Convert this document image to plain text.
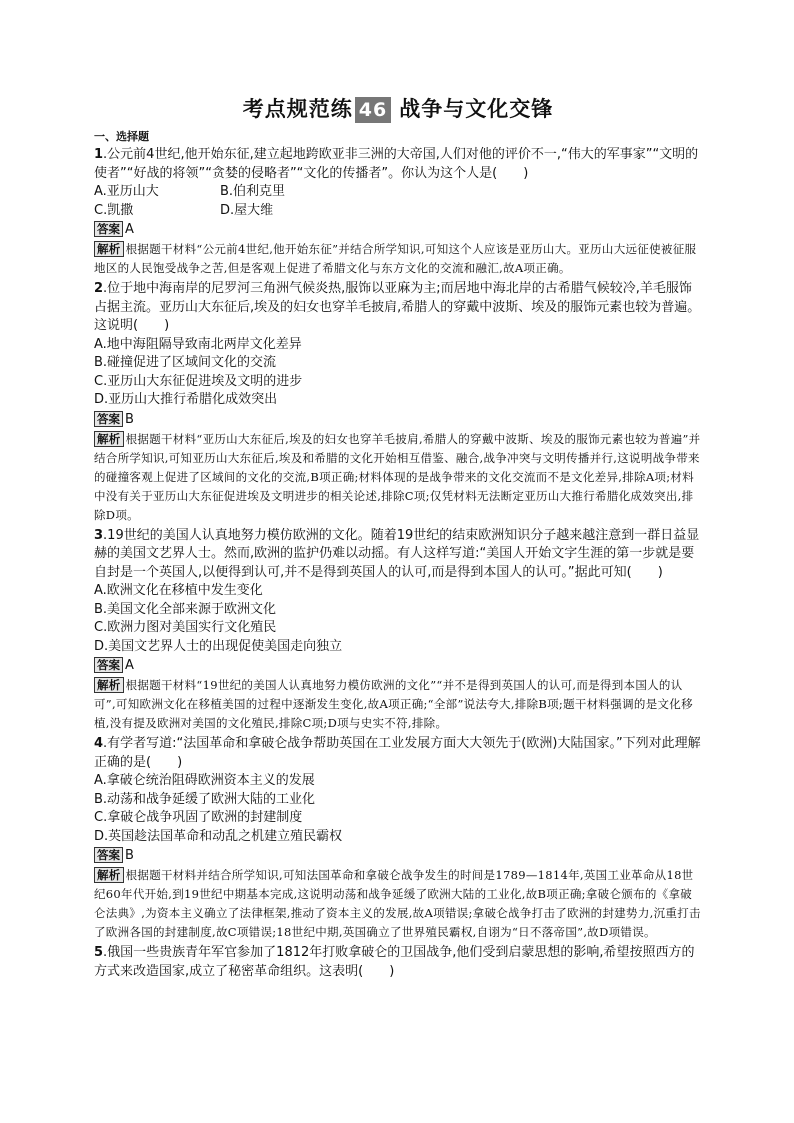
考点规范练 46 战争与文化交锋
一、选择题

1.公元前4世纪,他开始东征,建立起地跨欧亚非三洲的大帝国,人们对他的评价不一,“伟大的军事家”“文明的使者”“好战的将领”“贪婪的侵略者”“文化的传播者”。你认为这个人是(　　)

A.亚历山大	B.伯利克里
C.凯撒	D.屋大维
答案 A

解析 根据题干材料“公元前4世纪,他开始东征”并结合所学知识,可知这个人应该是亚历山大。亚历山大远征使被征服地区的人民饱受战争之苦,但是客观上促进了希腊文化与东方文化的交流和融汇,故A项正确。

2.位于地中海南岸的尼罗河三角洲气候炎热,服饰以亚麻为主;而居地中海北岸的古希腊气候较冷,羊毛服饰占据主流。亚历山大东征后,埃及的妇女也穿羊毛披肩,希腊人的穿戴中波斯、埃及的服饰元素也较为普遍。这说明(　　)

A.地中海阻隔导致南北两岸文化差异
B.碰撞促进了区域间文化的交流
C.亚历山大东征促进埃及文明的进步
D.亚历山大推行希腊化成效突出
答案 B

解析 根据题干材料“亚历山大东征后,埃及的妇女也穿羊毛披肩,希腊人的穿戴中波斯、埃及的服饰元素也较为普遍”并结合所学知识,可知亚历山大东征后,埃及和希腊的文化开始相互借鉴、融合,战争冲突与文明传播并行,这说明战争带来的碰撞客观上促进了区域间的文化的交流,B项正确;材料体现的是战争带来的文化交流而不是文化差异,排除A项;材料中没有关于亚历山大东征促进埃及文明进步的相关论述,排除C项;仅凭材料无法断定亚历山大推行希腊化成效突出,排除D项。

3.19世纪的美国人认真地努力模仿欧洲的文化。随着19世纪的结束欧洲知识分子越来越注意到一群日益显赫的美国文艺界人士。然而,欧洲的监护仍难以动摇。有人这样写道:“美国人开始文字生涯的第一步就是要自封是一个英国人,以便得到认可,并不是得到英国人的认可,而是得到本国人的认可。”据此可知(　　)

A.欧洲文化在移植中发生变化
B.美国文化全部来源于欧洲文化
C.欧洲力图对美国实行文化殖民
D.美国文艺界人士的出现促使美国走向独立
答案 A

解析 根据题干材料“19世纪的美国人认真地努力模仿欧洲的文化”“并不是得到英国人的认可,而是得到本国人的认可”,可知欧洲文化在移植美国的过程中逐渐发生变化,故A项正确;“全部”说法夸大,排除B项;题干材料强调的是文化移植,没有提及欧洲对美国的文化殖民,排除C项;D项与史实不符,排除。

4.有学者写道:“法国革命和拿破仑战争帮助英国在工业发展方面大大领先于(欧洲)大陆国家。”下列对此理解正确的是(　　)

A.拿破仑统治阻碍欧洲资本主义的发展
B.动荡和战争延缓了欧洲大陆的工业化
C.拿破仑战争巩固了欧洲的封建制度
D.英国趁法国革命和动乱之机建立殖民霸权
答案 B

解析 根据题干材料并结合所学知识,可知法国革命和拿破仑战争发生的时间是1789—1814年,英国工业革命从18世纪60年代开始,到19世纪中期基本完成,这说明动荡和战争延缓了欧洲大陆的工业化,故B项正确;拿破仑颁布的《拿破仑法典》,为资本主义确立了法律框架,推动了资本主义的发展,故A项错误;拿破仑战争打击了欧洲的封建势力,沉重打击了欧洲各国的封建制度,故C项错误;18世纪中期,英国确立了世界殖民霸权,自诩为“日不落帝国”,故D项错误。

5.俄国一些贵族青年军官参加了1812年打败拿破仑的卫国战争,他们受到启蒙思想的影响,希望按照西方的方式来改造国家,成立了秘密革命组织。这表明(　　)
